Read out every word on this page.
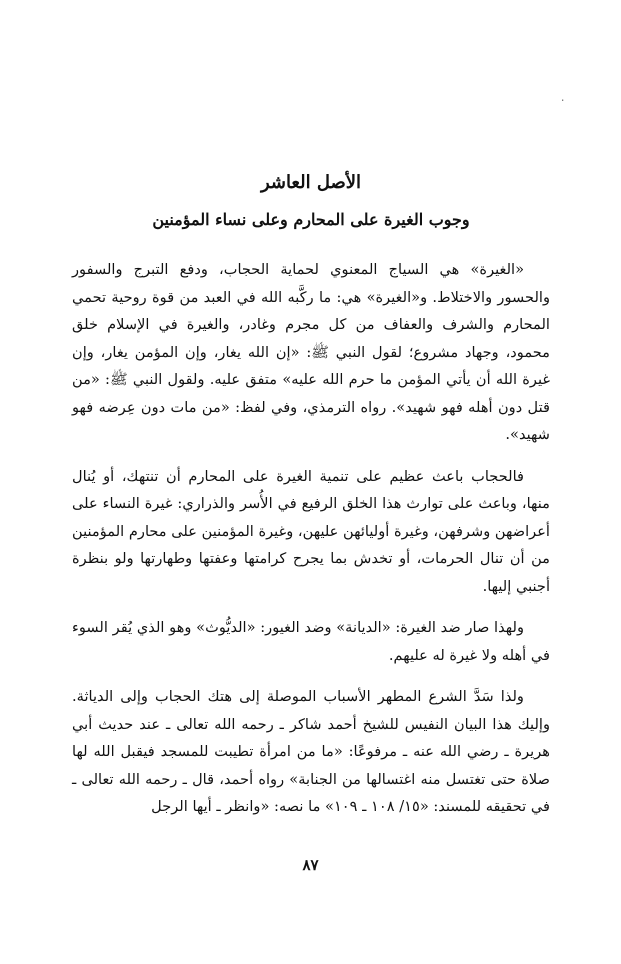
٠
الأصل العاشر
وجوب الغيرة على المحارم وعلى نساء المؤمنين

«الغيرة» هي السياج المعنوي لحماية الحجاب، ودفع التبرج والسفور والحسور والاختلاط. و«الغيرة» هي: ما ركَّبه الله في العبد من قوة روحية تحمي المحارم والشرف والعفاف من كل مجرم وغادر، والغيرة في الإسلام خلق محمود، وجهاد مشروع؛ لقول النبي ﷺ: «إن الله يغار، وإن المؤمن يغار، وإن غيرة الله أن يأتي المؤمن ما حرم الله عليه» متفق عليه. ولقول النبي ﷺ: «من قتل دون أهله فهو شهيد». رواه الترمذي، وفي لفظ: «من مات دون عِرضه فهو شهيد».

فالحجاب باعث عظيم على تنمية الغيرة على المحارم أن تنتهك، أو يُنال منها، وباعث على توارث هذا الخلق الرفيع في الأُسر والذراري: غيرة النساء على أعراضهن وشرفهن، وغيرة أوليائهن عليهن، وغيرة المؤمنين على محارم المؤمنين من أن تنال الحرمات، أو تخدش بما يجرح كرامتها وعفتها وطهارتها ولو بنظرة أجنبي إليها.

ولهذا صار ضد الغيرة: «الديانة» وضد الغيور: «الديُّوث» وهو الذي يُقر السوء في أهله ولا غيرة له عليهم.

ولذا سَدَّ الشرع المطهر الأسباب الموصلة إلى هتك الحجاب وإلى الدياثة. وإليك هذا البيان النفيس للشيخ أحمد شاكر ـ رحمه الله تعالى ـ عند حديث أبي هريرة ـ رضي الله عنه ـ مرفوعًا: «ما من امرأة تطيبت للمسجد فيقبل الله لها صلاة حتى تغتسل منه اغتسالها من الجنابة» رواه أحمد، قال ـ رحمه الله تعالى ـ في تحقيقه للمسند: «١٥/ ١٠٨ ـ ١٠٩» ما نصه: «وانظر ـ أيها الرجل

٨٧
